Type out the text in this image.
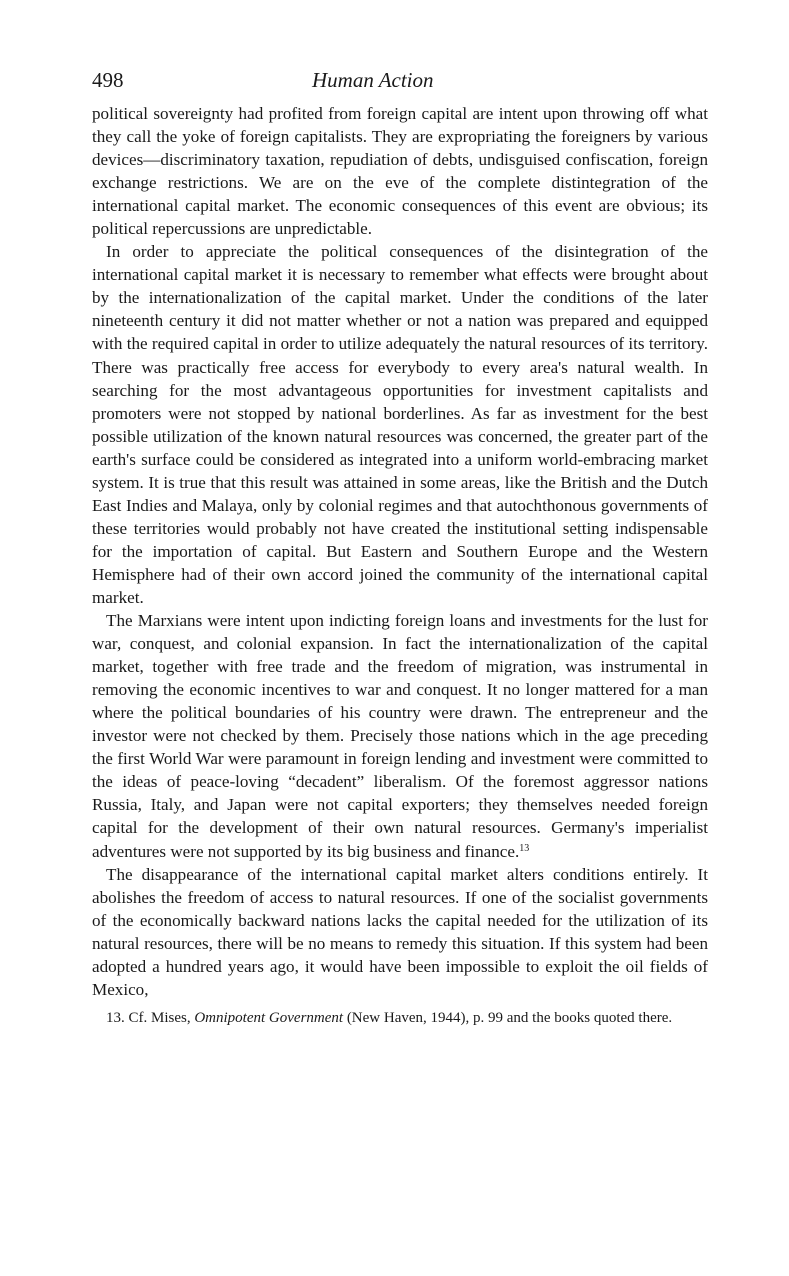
498	Human Action

political sovereignty had profited from foreign capital are intent upon throwing off what they call the yoke of foreign capitalists. They are expropriating the foreigners by various devices—discriminatory taxation, repudiation of debts, undisguised confiscation, foreign exchange restrictions. We are on the eve of the complete distintegration of the international capital market. The economic consequences of this event are obvious; its political repercussions are unpredictable.

In order to appreciate the political consequences of the disintegration of the international capital market it is necessary to remember what effects were brought about by the internationalization of the capital market. Under the conditions of the later nineteenth century it did not matter whether or not a nation was prepared and equipped with the required capital in order to utilize adequately the natural resources of its territory. There was practically free access for everybody to every area's natural wealth. In searching for the most advantageous opportunities for investment capitalists and promoters were not stopped by national borderlines. As far as investment for the best possible utilization of the known natural resources was concerned, the greater part of the earth's surface could be considered as integrated into a uniform world-embracing market system. It is true that this result was attained in some areas, like the British and the Dutch East Indies and Malaya, only by colonial regimes and that autochthonous governments of these territories would probably not have created the institutional setting indispensable for the importation of capital. But Eastern and Southern Europe and the Western Hemisphere had of their own accord joined the community of the international capital market.

The Marxians were intent upon indicting foreign loans and investments for the lust for war, conquest, and colonial expansion. In fact the internationalization of the capital market, together with free trade and the freedom of migration, was instrumental in removing the economic incentives to war and conquest. It no longer mattered for a man where the political boundaries of his country were drawn. The entrepreneur and the investor were not checked by them. Precisely those nations which in the age preceding the first World War were paramount in foreign lending and investment were committed to the ideas of peace-loving “decadent” liberalism. Of the foremost aggressor nations Russia, Italy, and Japan were not capital exporters; they themselves needed foreign capital for the development of their own natural resources. Germany's imperialist adventures were not supported by its big business and finance.$^{13}$

The disappearance of the international capital market alters conditions entirely. It abolishes the freedom of access to natural resources. If one of the socialist governments of the economically backward nations lacks the capital needed for the utilization of its natural resources, there will be no means to remedy this situation. If this system had been adopted a hundred years ago, it would have been impossible to exploit the oil fields of Mexico,

13. Cf. Mises, Omnipotent Government (New Haven, 1944), p. 99 and the books quoted there.
